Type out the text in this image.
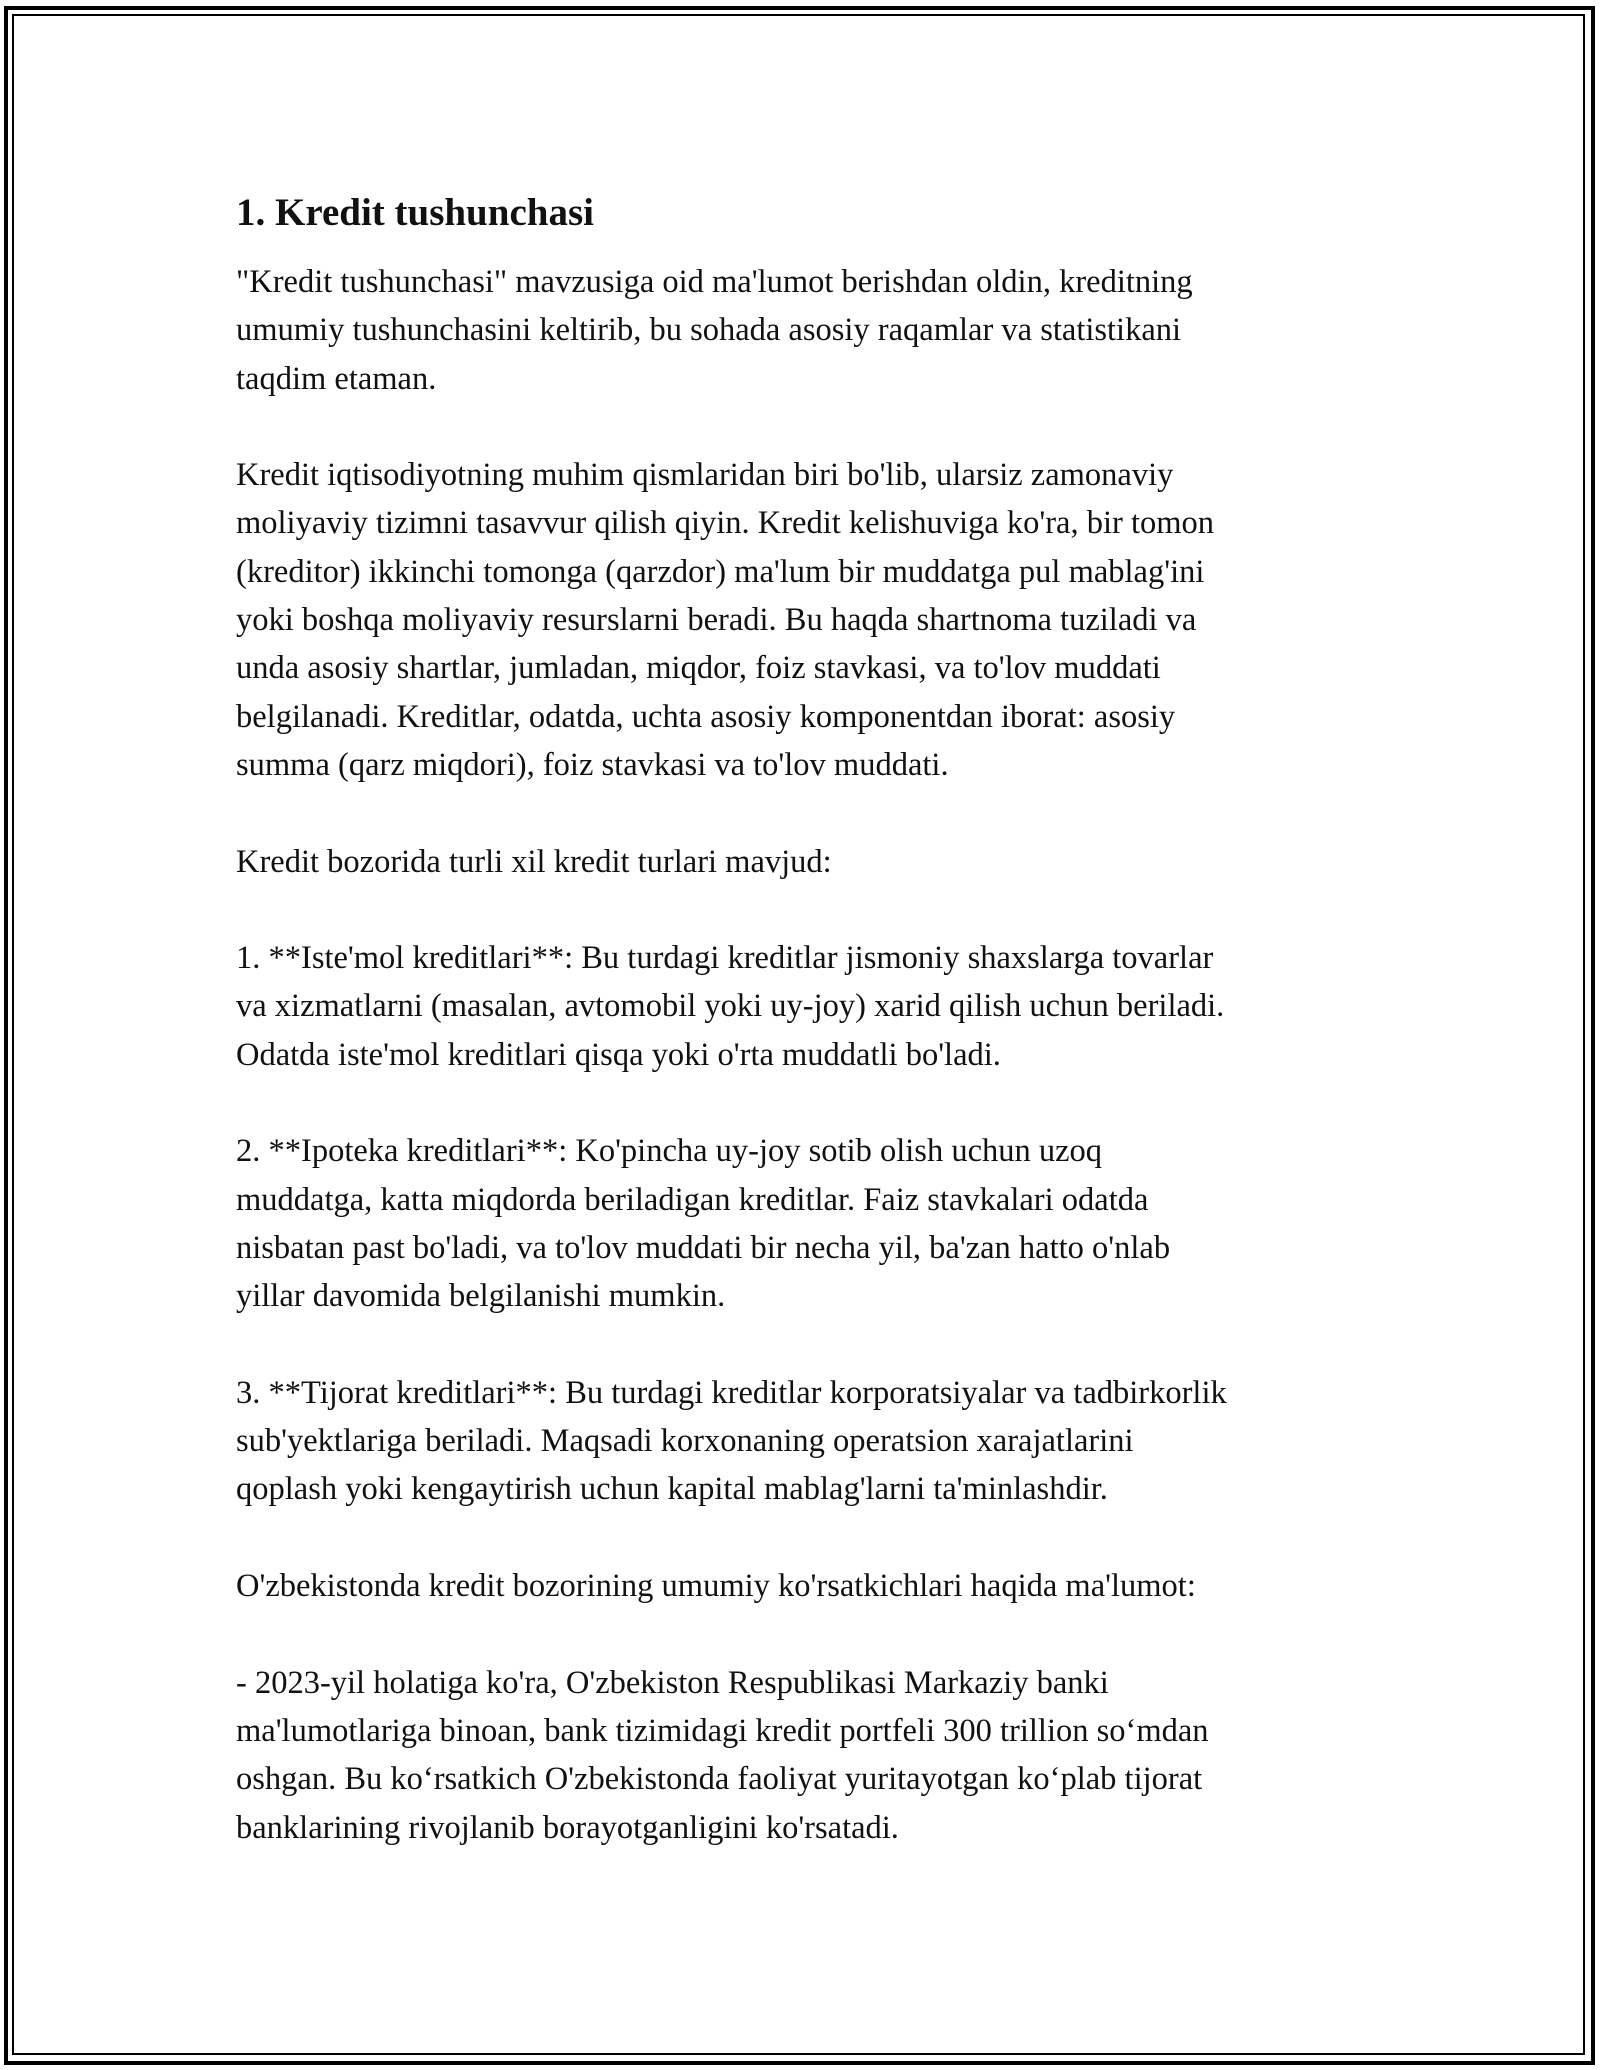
1. Kredit tushunchasi

"Kredit tushunchasi" mavzusiga oid ma'lumot berishdan oldin, kreditning
umumiy tushunchasini keltirib, bu sohada asosiy raqamlar va statistikani
taqdim etaman.

Kredit iqtisodiyotning muhim qismlaridan biri bo'lib, ularsiz zamonaviy
moliyaviy tizimni tasavvur qilish qiyin. Kredit kelishuviga ko'ra, bir tomon
(kreditor) ikkinchi tomonga (qarzdor) ma'lum bir muddatga pul mablag'ini
yoki boshqa moliyaviy resurslarni beradi. Bu haqda shartnoma tuziladi va
unda asosiy shartlar, jumladan, miqdor, foiz stavkasi, va to'lov muddati
belgilanadi. Kreditlar, odatda, uchta asosiy komponentdan iborat: asosiy
summa (qarz miqdori), foiz stavkasi va to'lov muddati.

Kredit bozorida turli xil kredit turlari mavjud:

1. **Iste'mol kreditlari**: Bu turdagi kreditlar jismoniy shaxslarga tovarlar
va xizmatlarni (masalan, avtomobil yoki uy-joy) xarid qilish uchun beriladi.
Odatda iste'mol kreditlari qisqa yoki o'rta muddatli bo'ladi.

2. **Ipoteka kreditlari**: Ko'pincha uy-joy sotib olish uchun uzoq
muddatga, katta miqdorda beriladigan kreditlar. Faiz stavkalari odatda
nisbatan past bo'ladi, va to'lov muddati bir necha yil, ba'zan hatto o'nlab
yillar davomida belgilanishi mumkin.

3. **Tijorat kreditlari**: Bu turdagi kreditlar korporatsiyalar va tadbirkorlik
sub'yektlariga beriladi. Maqsadi korxonaning operatsion xarajatlarini
qoplash yoki kengaytirish uchun kapital mablag'larni ta'minlashdir.

O'zbekistonda kredit bozorining umumiy ko'rsatkichlari haqida ma'lumot:

- 2023-yil holatiga ko'ra, O'zbekiston Respublikasi Markaziy banki
ma'lumotlariga binoan, bank tizimidagi kredit portfeli 300 trillion so‘mdan
oshgan. Bu ko‘rsatkich O'zbekistonda faoliyat yuritayotgan ko‘plab tijorat
banklarining rivojlanib borayotganligini ko'rsatadi.
